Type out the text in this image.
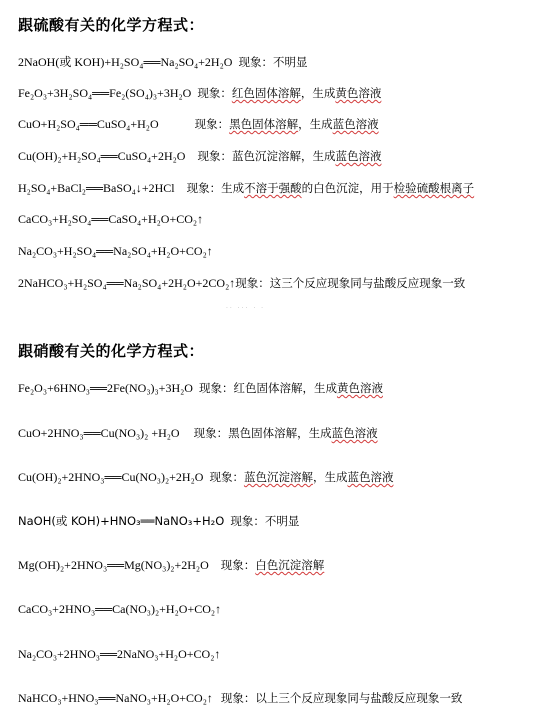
跟硫酸有关的化学方程式：
2NaOH(或 KOH)+H₂SO₄══Na₂SO₄+2H₂O 现象：不明显
Fe₂O₃+3H₂SO₄══Fe₂(SO₄)₃+3H₂O 现象：红色固体溶解，生成黄色溶液
CuO+H₂SO₄══CuSO₄+H₂O	现象：黑色固体溶解，生成蓝色溶液
Cu(OH)₂+H₂SO₄══CuSO₄+2H₂O 现象：蓝色沉淀溶解，生成蓝色溶液
H₂SO₄+BaCl₂══BaSO₄↓+2HCl 现象：生成不溶于强酸的白色沉淀，用于检验硫酸根离子
CaCO₃+H₂SO₄══CaSO₄+H₂O+CO₂↑
Na₂CO₃+H₂SO₄══Na₂SO₄+H₂O+CO₂↑
2NaHCO₃+H₂SO₄══Na₂SO₄+2H₂O+2CO₂↑现象：这三个反应现象同与盐酸反应现象一致
·· ··· · ·
跟硝酸有关的化学方程式：
Fe₂O₃+6HNO₃══2Fe(NO₃)₃+3H₂O 现象：红色固体溶解，生成黄色溶液
CuO+2HNO₃══Cu(NO₃)₂ +H₂O 现象：黑色固体溶解，生成蓝色溶液
Cu(OH)₂+2HNO₃══Cu(NO₃)₂+2H₂O 现象：蓝色沉淀溶解，生成蓝色溶液
NaOH(或 KOH)+HNO₃══NaNO₃+H₂O 现象：不明显
Mg(OH)₂+2HNO₃══Mg(NO₃)₂+2H₂O 现象：白色沉淀溶解
CaCO₃+2HNO₃══Ca(NO₃)₂+H₂O+CO₂↑
Na₂CO₃+2HNO₃══2NaNO₃+H₂O+CO₂↑
NaHCO₃+HNO₃══NaNO₃+H₂O+CO₂↑ 现象：以上三个反应现象同与盐酸反应现象一致
